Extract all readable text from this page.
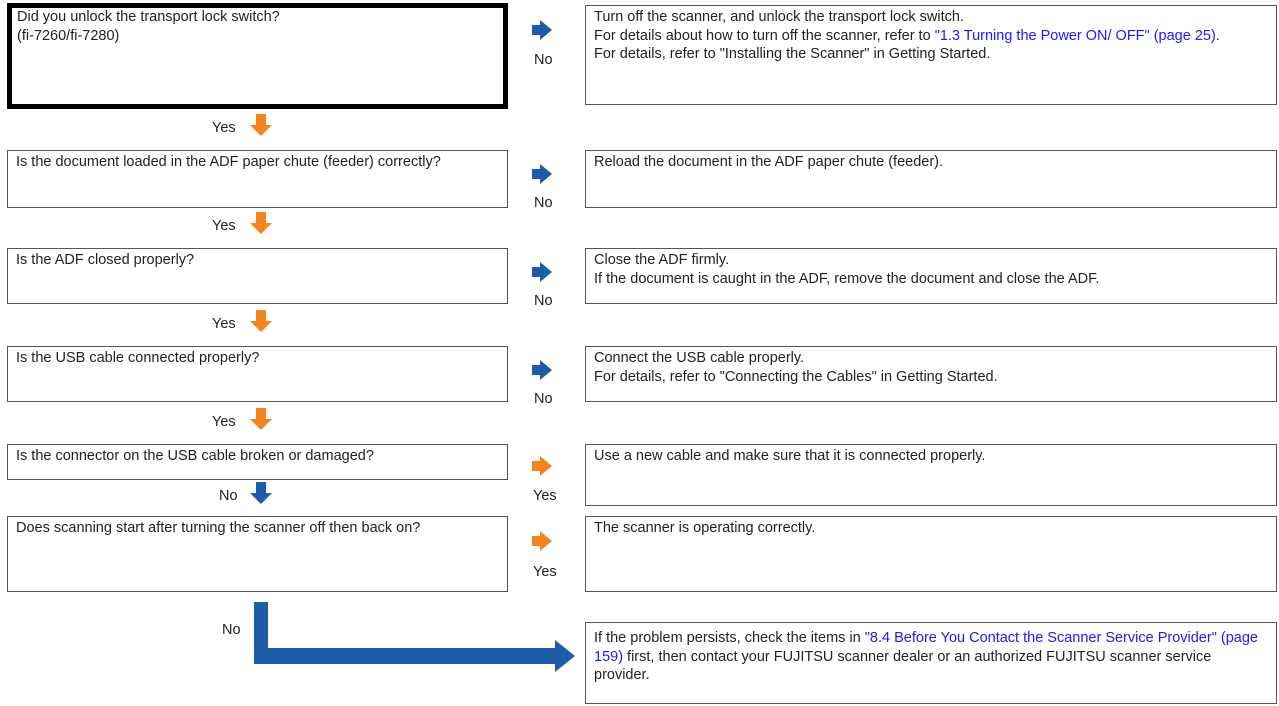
Did you unlock the transport lock switch?
(fi-7260/fi-7280)
No
Turn off the scanner, and unlock the transport lock switch.
For details about how to turn off the scanner, refer to "1.3 Turning the Power ON/ OFF" (page 25).
For details, refer to "Installing the Scanner" in Getting Started.
Yes
Is the document loaded in the ADF paper chute (feeder) correctly?
No
Reload the document in the ADF paper chute (feeder).
Yes
Is the ADF closed properly?
No
Close the ADF firmly.
If the document is caught in the ADF, remove the document and close the ADF.
Yes
Is the USB cable connected properly?
No
Connect the USB cable properly.
For details, refer to "Connecting the Cables" in Getting Started.
Yes
Is the connector on the USB cable broken or damaged?
Yes
Use a new cable and make sure that it is connected properly.
No
Does scanning start after turning the scanner off then back on?
Yes
The scanner is operating correctly.
No	If the problem persists, check the items in "8.4 Before You Contact the Scanner Service Provider" (page 159) first, then contact your FUJITSU scanner dealer or an authorized FUJITSU scanner service provider.
